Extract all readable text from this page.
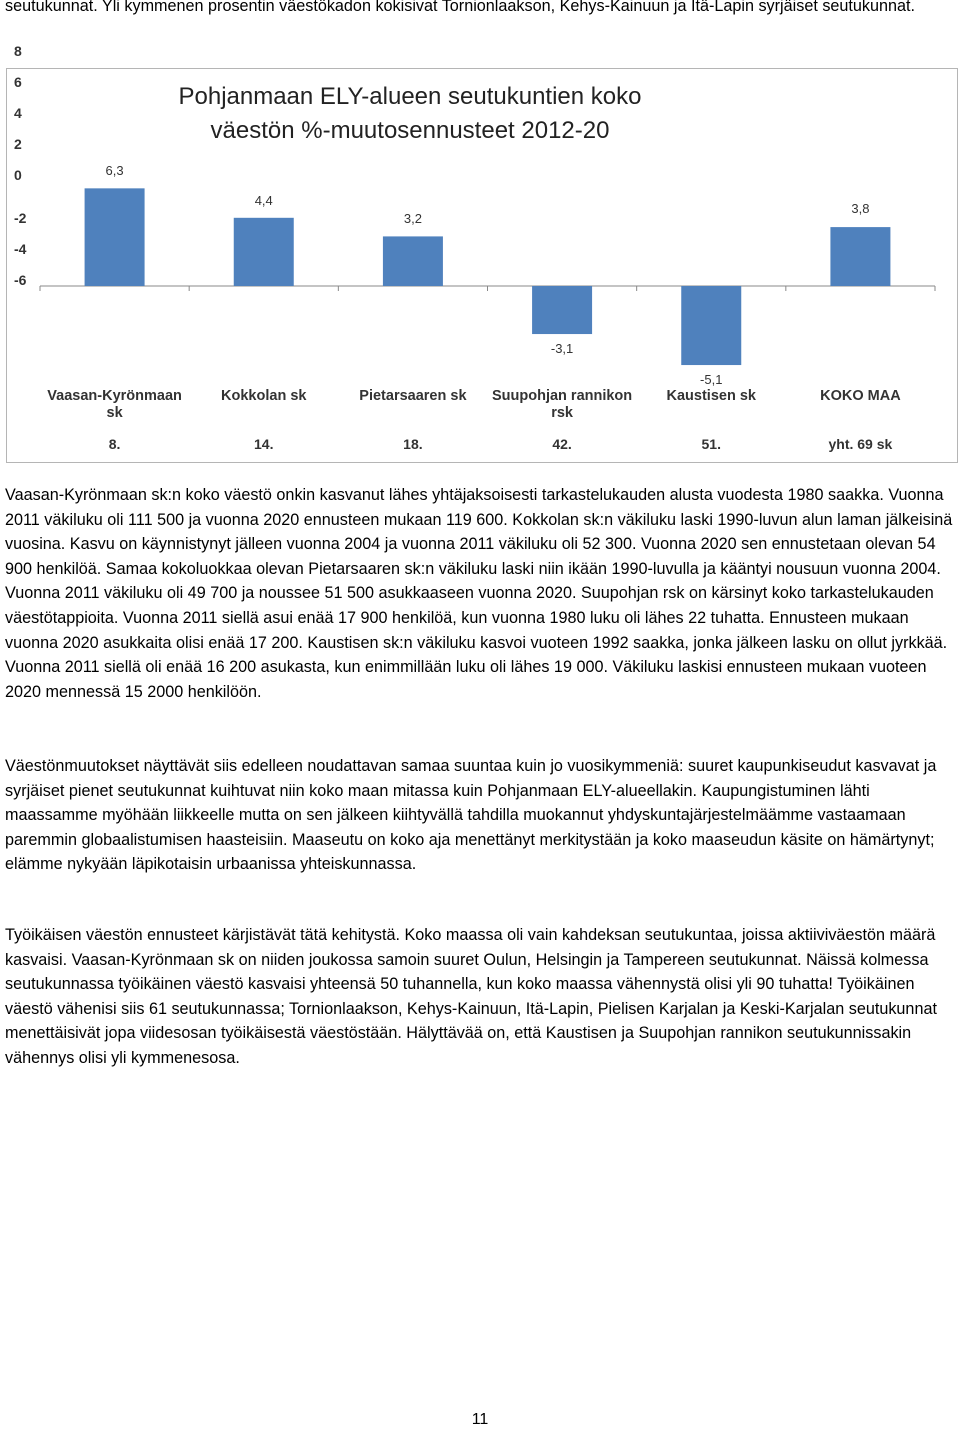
seutukunnat. Yli kymmenen prosentin väestökadon kokisivat Tornionlaakson, Kehys-Kainuun ja Itä-Lapin syrjäiset seutukunnat.

Pohjanmaan ELY-alueen seutukuntien koko väestön %-muutosennusteet 2012-20
6,3
Vaasan-Kyrönmaan sk
8.
4,4
Kokkolan sk
14.
3,2
Pietarsaaren sk
18.
-3,1
Suupohjan rannikon rsk
42.
-5,1
Kaustisen sk
51.
3,8
KOKO MAA
yht. 69 sk

Vaasan-Kyrönmaan sk:n koko väestö onkin kasvanut lähes yhtäjaksoisesti tarkastelukauden alusta vuodesta 1980 saakka. Vuonna 2011 väkiluku oli 111 500 ja vuonna 2020 ennusteen mukaan 119 600. Kokkolan sk:n väkiluku laski 1990-luvun alun laman jälkeisinä vuosina. Kasvu on käynnistynyt jälleen vuonna 2004 ja vuonna 2011 väkiluku oli 52 300. Vuonna 2020 sen ennustetaan olevan 54 900 henkilöä. Samaa kokoluokkaa olevan Pietarsaaren sk:n väkiluku laski niin ikään 1990-luvulla ja kääntyi nousuun vuonna 2004. Vuonna 2011 väkiluku oli 49 700 ja noussee 51 500 asukkaaseen vuonna 2020. Suupohjan rsk on kärsinyt koko tarkastelukauden väestötappioita. Vuonna 2011 siellä asui enää 17 900 henkilöä, kun vuonna 1980 luku oli lähes 22 tuhatta. Ennusteen mukaan vuonna 2020 asukkaita olisi enää 17 200. Kaustisen sk:n väkiluku kasvoi vuoteen 1992 saakka, jonka jälkeen lasku on ollut jyrkkää. Vuonna 2011 siellä oli enää 16 200 asukasta, kun enimmillään luku oli lähes 19 000. Väkiluku laskisi ennusteen mukaan vuoteen 2020 mennessä 15 2000 henkilöön.

Väestönmuutokset näyttävät siis edelleen noudattavan samaa suuntaa kuin jo vuosikymmeniä: suuret kaupunkiseudut kasvavat ja syrjäiset pienet seutukunnat kuihtuvat niin koko maan mitassa kuin Pohjanmaan ELY-alueellakin. Kaupungistuminen lähti maassamme myöhään liikkeelle mutta on sen jälkeen kiihtyvällä tahdilla muokannut yhdyskuntajärjestelmäämme vastaamaan paremmin globaalistumisen haasteisiin. Maaseutu on koko aja menettänyt merkitystään ja koko maaseudun käsite on hämärtynyt; elämme nykyään läpikotaisin urbaanissa yhteiskunnassa.

Työikäisen väestön ennusteet kärjistävät tätä kehitystä. Koko maassa oli vain kahdeksan seutukuntaa, joissa aktiiviväestön määrä kasvaisi. Vaasan-Kyrönmaan sk on niiden joukossa samoin suuret Oulun, Helsingin ja Tampereen seutukunnat. Näissä kolmessa seutukunnassa työikäinen väestö kasvaisi yhteensä 50 tuhannella, kun koko maassa vähennystä olisi yli 90 tuhatta! Työikäinen väestö vähenisi siis 61 seutukunnassa; Tornionlaakson, Kehys-Kainuun, Itä-Lapin, Pielisen Karjalan ja Keski-Karjalan seutukunnat menettäisivät jopa viidesosan työikäisestä väestöstään. Hälyttävää on, että Kaustisen ja Suupohjan rannikon seutukunnissakin vähennys olisi yli kymmenesosa.

11
8
6
4
2
0
-2
-4
-6
